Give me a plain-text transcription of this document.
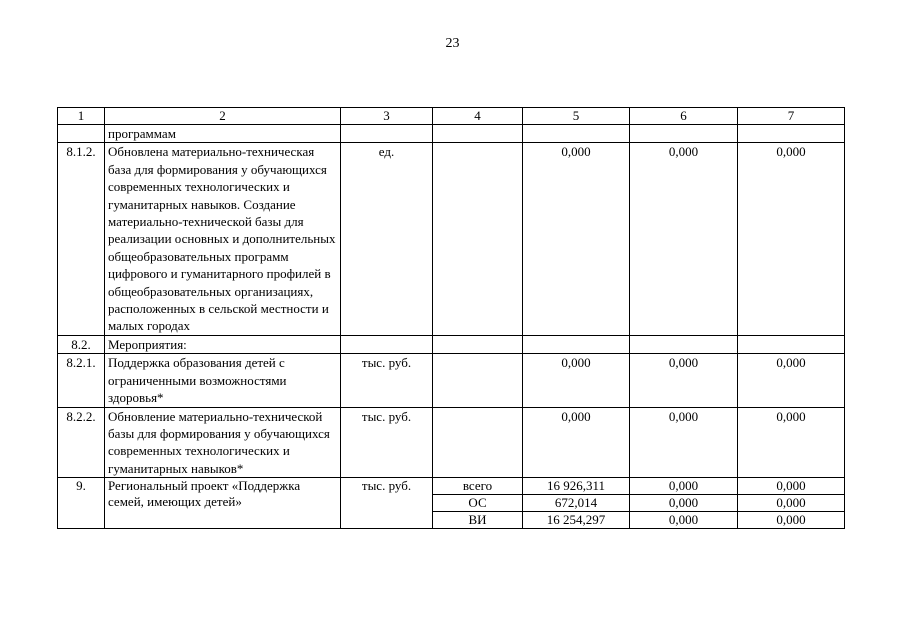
23
1	2	3	4	5	6	7
	программам					
8.1.2.	Обновлена материально-техническая база для формирования у обучающихся современных технологических и гуманитарных навыков. Создание материально-технической базы для реализации основных и дополнительных общеобразовательных программ цифрового и гуманитарного профилей в общеобразовательных организациях, расположенных в сельской местности и малых городах	ед.		0,000	0,000	0,000
8.2.	Мероприятия:					
8.2.1.	Поддержка образования детей с ограниченными возможностями здоровья*	тыс. руб.		0,000	0,000	0,000
8.2.2.	Обновление материально-технической базы для формирования у обучающихся современных технологических и гуманитарных навыков*	тыс. руб.		0,000	0,000	0,000
9.	Региональный проект «Поддержка семей, имеющих детей»	тыс. руб.	всего	16 926,311	0,000	0,000
			ОС	672,014	0,000	0,000
			ВИ	16 254,297	0,000	0,000
